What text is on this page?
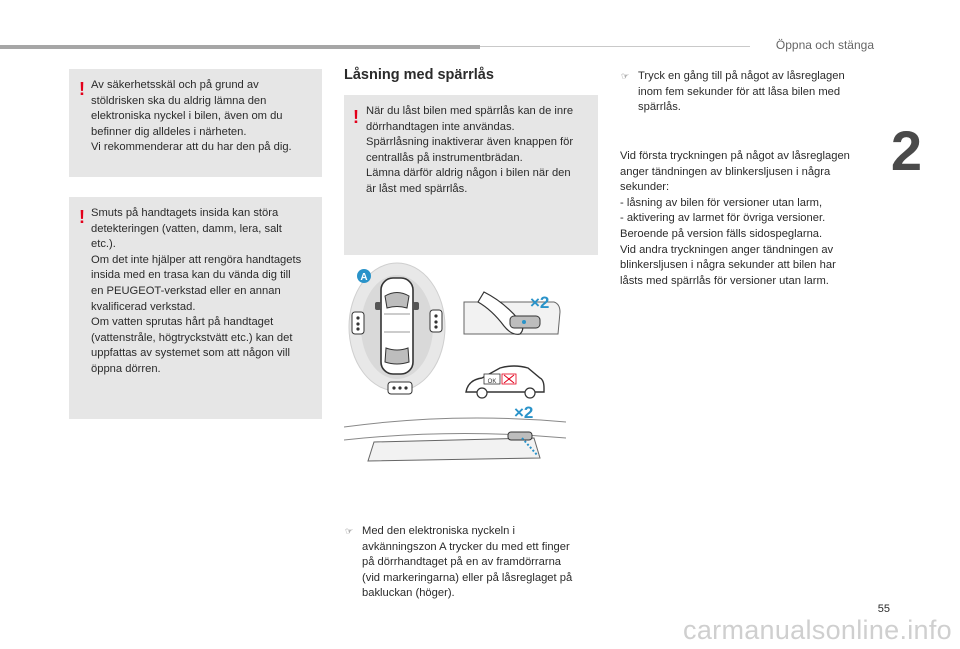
Öppna och stänga
2
! Av säkerhetsskäl och på grund av
stöldrisken ska du aldrig lämna den
elektroniska nyckel i bilen, även om du
befinner dig alldeles i närheten.
Vi rekommenderar att du har den på dig.

! Smuts på handtagets insida kan störa
detekteringen (vatten, damm, lera, salt
etc.).
Om det inte hjälper att rengöra handtagets
insida med en trasa kan du vända dig till
en PEUGEOT-verkstad eller en annan
kvalificerad verkstad.
Om vatten sprutas hårt på handtaget
(vattenstråle, högtryckstvätt etc.) kan det
uppfattas av systemet som att någon vill
öppna dörren.

Låsning med spärrlås
! När du låst bilen med spärrlås kan de inre
dörrhandtagen inte användas.
Spärrlåsning inaktiverar även knappen för
centrallås på instrumentbrädan.
Lämna därför aldrig någon i bilen när den
är låst med spärrlås.

A
×2
OK
×2
☞ Med den elektroniska nyckeln i
avkänningszon A trycker du med ett finger
på dörrhandtaget på en av framdörrarna
(vid markeringarna) eller på låsreglaget på
bakluckan (höger).
☞ Tryck en gång till på något av låsreglagen
inom fem sekunder för att låsa bilen med
spärrlås.
Vid första tryckningen på något av låsreglagen
anger tändningen av blinkersljusen i några
sekunder:
- låsning av bilen för versioner utan larm,
- aktivering av larmet för övriga versioner.
Beroende på version fälls sidospeglarna.
Vid andra tryckningen anger tändningen av
blinkersljusen i några sekunder att bilen har
låsts med spärrlås för versioner utan larm.
55
carmanualsonline.info
